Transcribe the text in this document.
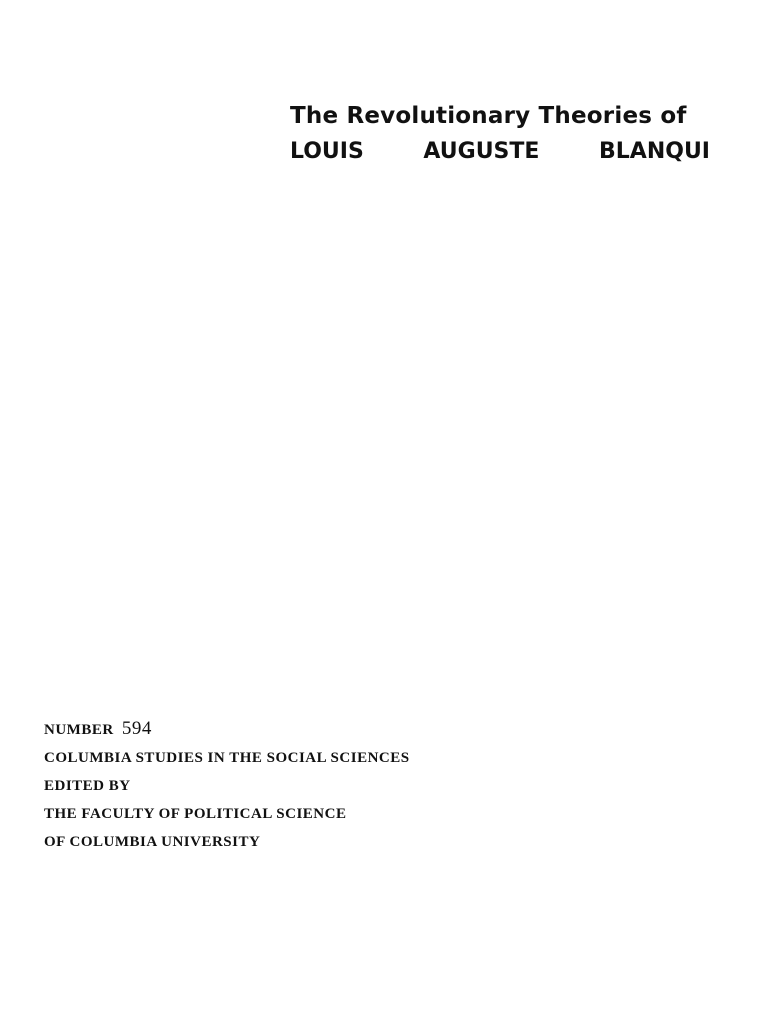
The Revolutionary Theories of
LOUIS	AUGUSTE	BLANQUI
NUMBER 594
COLUMBIA STUDIES IN THE SOCIAL SCIENCES
EDITED BY
THE FACULTY OF POLITICAL SCIENCE
OF COLUMBIA UNIVERSITY
